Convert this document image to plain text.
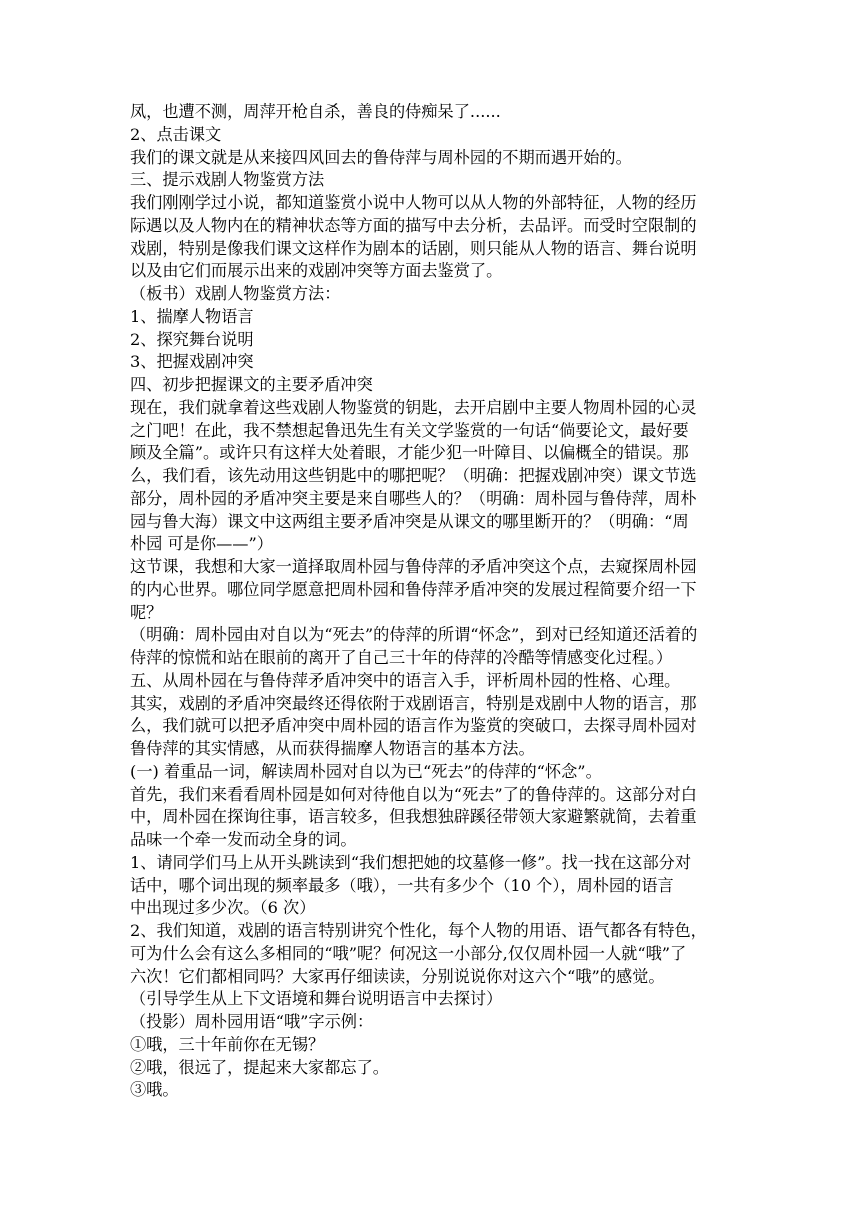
凤，也遭不测，周萍开枪自杀，善良的侍痴呆了......
2、点击课文
我们的课文就是从来接四风回去的鲁侍萍与周朴园的不期而遇开始的。
三、提示戏剧人物鉴赏方法
我们刚刚学过小说，都知道鉴赏小说中人物可以从人物的外部特征，人物的经历
际遇以及人物内在的精神状态等方面的描写中去分析，去品评。而受时空限制的
戏剧，特别是像我们课文这样作为剧本的话剧，则只能从人物的语言、舞台说明
以及由它们而展示出来的戏剧冲突等方面去鉴赏了。
（板书）戏剧人物鉴赏方法：
1、揣摩人物语言
2、探究舞台说明
3、把握戏剧冲突
四、初步把握课文的主要矛盾冲突
现在，我们就拿着这些戏剧人物鉴赏的钥匙，去开启剧中主要人物周朴园的心灵
之门吧！在此，我不禁想起鲁迅先生有关文学鉴赏的一句话“倘要论文，最好要
顾及全篇”。或许只有这样大处着眼，才能少犯一叶障目、以偏概全的错误。那
么，我们看，该先动用这些钥匙中的哪把呢？（明确：把握戏剧冲突）课文节选
部分，周朴园的矛盾冲突主要是来自哪些人的？（明确：周朴园与鲁侍萍，周朴
园与鲁大海）课文中这两组主要矛盾冲突是从课文的哪里断开的？（明确：“周
朴园 可是你——”）
这节课，我想和大家一道择取周朴园与鲁侍萍的矛盾冲突这个点，去窥探周朴园
的内心世界。哪位同学愿意把周朴园和鲁侍萍矛盾冲突的发展过程简要介绍一下
呢？
（明确：周朴园由对自以为“死去”的侍萍的所谓“怀念”，到对已经知道还活着的
侍萍的惊慌和站在眼前的离开了自己三十年的侍萍的冷酷等情感变化过程。）
五、从周朴园在与鲁侍萍矛盾冲突中的语言入手，评析周朴园的性格、心理。
其实，戏剧的矛盾冲突最终还得依附于戏剧语言，特别是戏剧中人物的语言，那
么，我们就可以把矛盾冲突中周朴园的语言作为鉴赏的突破口，去探寻周朴园对
鲁侍萍的其实情感，从而获得揣摩人物语言的基本方法。
(一) 着重品一词，解读周朴园对自以为已“死去”的侍萍的“怀念”。
首先，我们来看看周朴园是如何对待他自以为“死去”了的鲁侍萍的。这部分对白
中，周朴园在探询往事，语言较多，但我想独辟蹊径带领大家避繁就简，去着重
品味一个牵一发而动全身的词。
1、请同学们马上从开头跳读到“我们想把她的坟墓修一修”。找一找在这部分对
话中，哪个词出现的频率最多（哦），一共有多少个（10 个），周朴园的语言
中出现过多少次。（6 次）
2、我们知道，戏剧的语言特别讲究个性化，每个人物的用语、语气都各有特色，
可为什么会有这么多相同的“哦”呢？何况这一小部分,仅仅周朴园一人就“哦”了
六次！它们都相同吗？大家再仔细读读，分别说说你对这六个“哦”的感觉。
（引导学生从上下文语境和舞台说明语言中去探讨）
（投影）周朴园用语“哦”字示例：
①哦，三十年前你在无锡？
②哦，很远了，提起来大家都忘了。
③哦。
